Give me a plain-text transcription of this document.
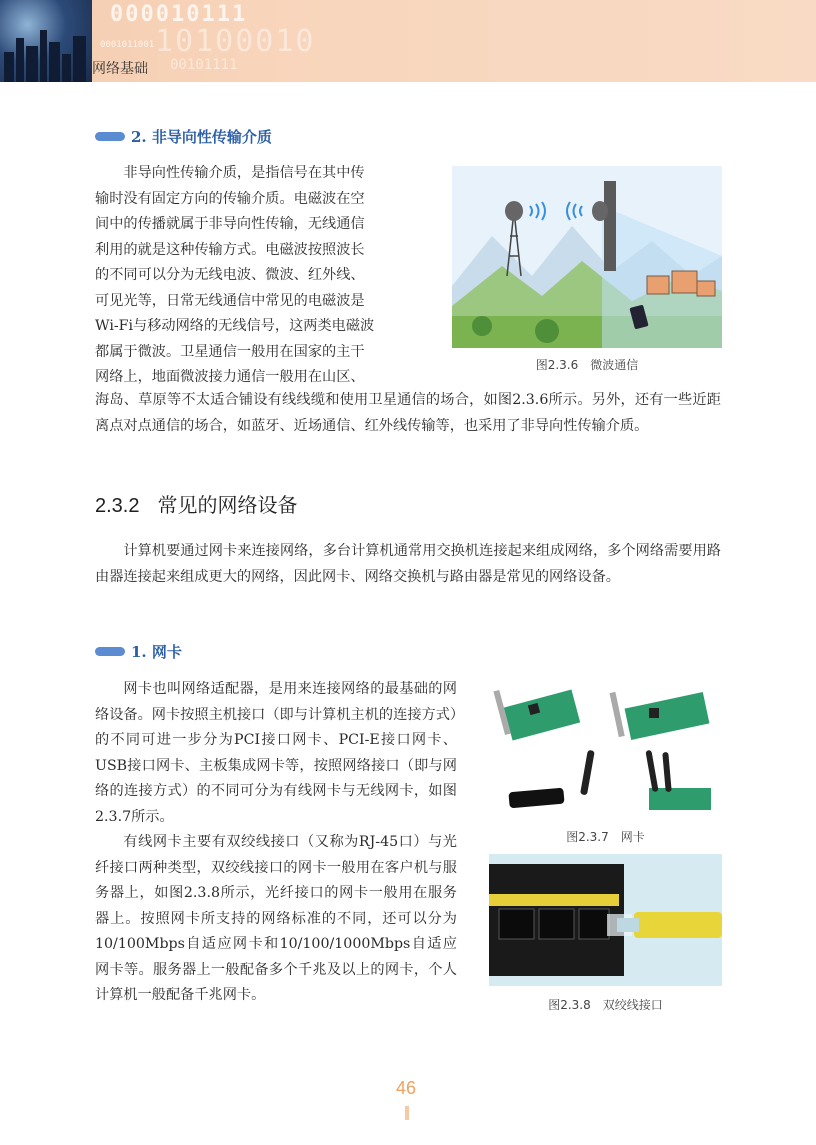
000010111
0001011001 10100010
00101111
网络基础
2. 非导向性传输介质
非导向性传输介质，是指信号在其中传
输时没有固定方向的传输介质。电磁波在空
间中的传播就属于非导向性传输，无线通信
利用的就是这种传输方式。电磁波按照波长
的不同可以分为无线电波、微波、红外线、
可见光等，日常无线通信中常见的电磁波是
Wi-Fi与移动网络的无线信号，这两类电磁波
都属于微波。卫星通信一般用在国家的主干
网络上，地面微波接力通信一般用在山区、
海岛、草原等不太适合铺设有线线缆和使用卫星通信的场合，如图2.3.6所示。另外，还有一些近距离点对点通信的场合，如蓝牙、近场通信、红外线传输等，也采用了非导向性传输介质。
图2.3.6　微波通信
2.3.2 常见的网络设备

计算机要通过网卡来连接网络，多台计算机通常用交换机连接起来组成网络，多个网络需要用路由器连接起来组成更大的网络，因此网卡、网络交换机与路由器是常见的网络设备。

1. 网卡

网卡也叫网络适配器，是用来连接网络的最基础的网络设备。网卡按照主机接口（即与计算机主机的连接方式）的不同可进一步分为PCI接口网卡、PCI-E接口网卡、USB接口网卡、主板集成网卡等，按照网络接口（即与网络的连接方式）的不同可分为有线网卡与无线网卡，如图2.3.7所示。

有线网卡主要有双绞线接口（又称为RJ-45口）与光纤接口两种类型，双绞线接口的网卡一般用在客户机与服务器上，如图2.3.8所示，光纤接口的网卡一般用在服务器上。按照网卡所支持的网络标准的不同，还可以分为10/100Mbps自适应网卡和10/100/1000Mbps自适应网卡等。服务器上一般配备多个千兆及以上的网卡，个人计算机一般配备千兆网卡。

图2.3.7　网卡
图2.3.8　双绞线接口
46
